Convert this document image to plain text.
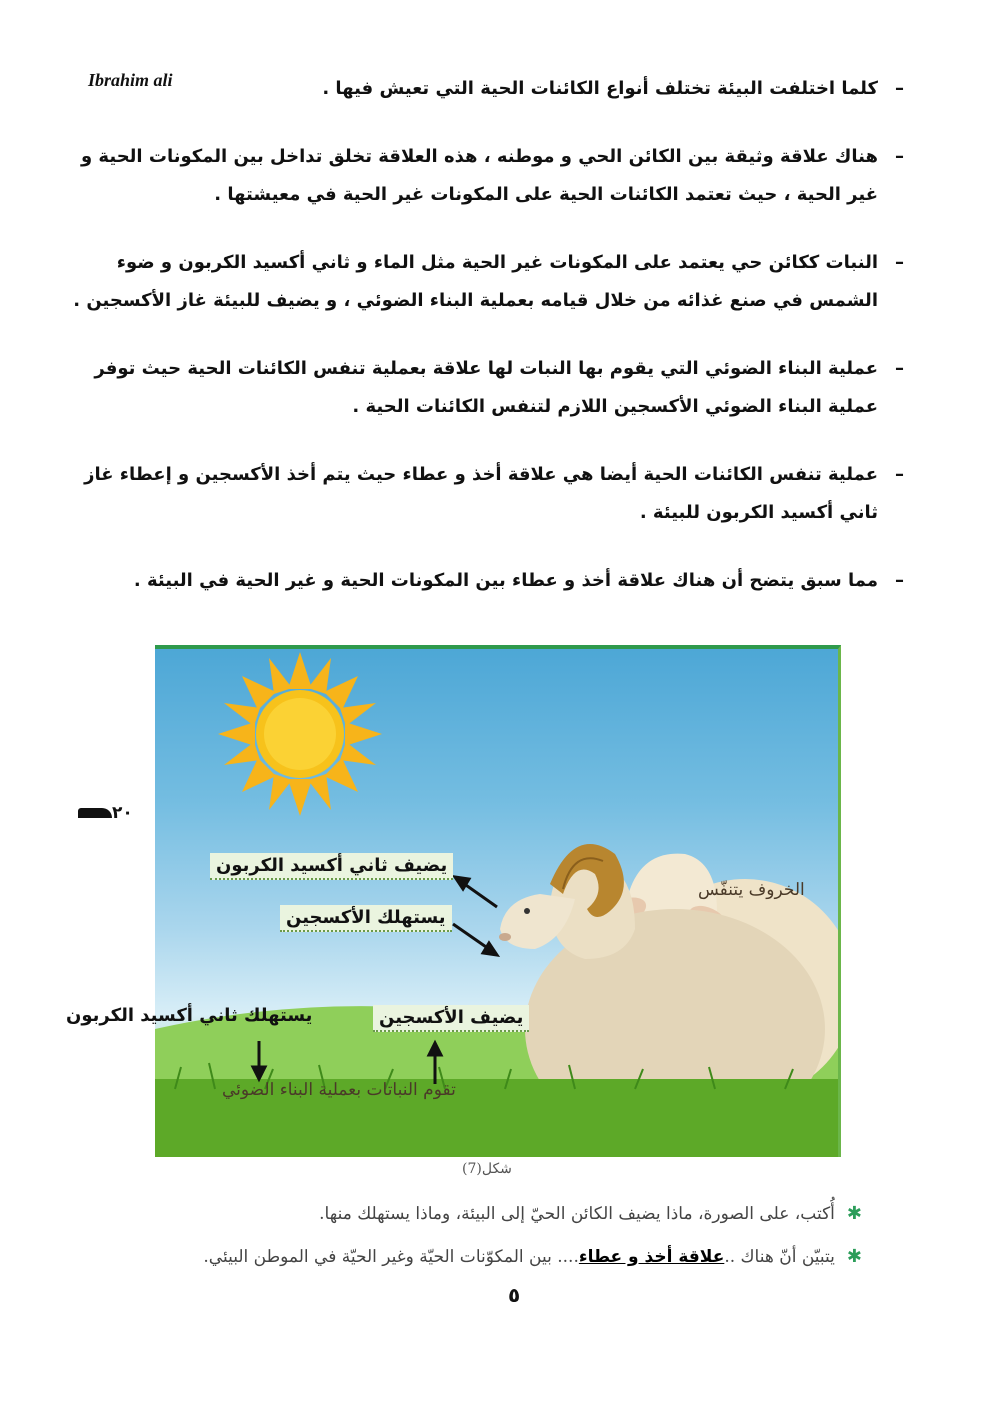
Ibrahim ali
–	كلما اختلفت البيئة تختلف أنواع الكائنات الحية التي تعيش فيها .
– هناك علاقة وثيقة بين الكائن الحي و موطنه ، هذه العلاقة تخلق تداخل بين المكونات الحية و غير الحية ، حيث تعتمد الكائنات الحية على المكونات غير الحية في معيشتها .
– النبات ككائن حي يعتمد على المكونات غير الحية مثل الماء و ثاني أكسيد الكربون و ضوء الشمس في صنع غذائه من خلال قيامه بعملية البناء الضوئي ، و يضيف للبيئة غاز الأكسجين .
– عملية البناء الضوئي التي يقوم بها النبات لها علاقة بعملية تنفس الكائنات الحية حيث توفر عملية البناء الضوئي الأكسجين اللازم لتنفس الكائنات الحية .
– عملية تنفس الكائنات الحية أيضا هي علاقة أخذ و عطاء حيث يتم أخذ الأكسجين و إعطاء غاز ثاني أكسيد الكربون للبيئة .
– مما سبق يتضح أن هناك علاقة أخذ و عطاء بين المكونات الحية و غير الحية في البيئة .
٢٠
يضيف ثاني أكسيد الكربون
يستهلك الأكسجين
الخروف يتنفّس
يستهلك ثاني أكسيد الكربون	يضيف الأكسجين
تقوم النباتات بعملية البناء الضوئي
شكل(7)
✱أُكتب، على الصورة، ماذا يضيف الكائن الحيّ إلى البيئة، وماذا يستهلك منها.
✱يتبيّن أنّ هناك ..علاقة أخذ و عطاء.... بين المكوّنات الحيّة وغير الحيّة في الموطن البيئي.
٥
